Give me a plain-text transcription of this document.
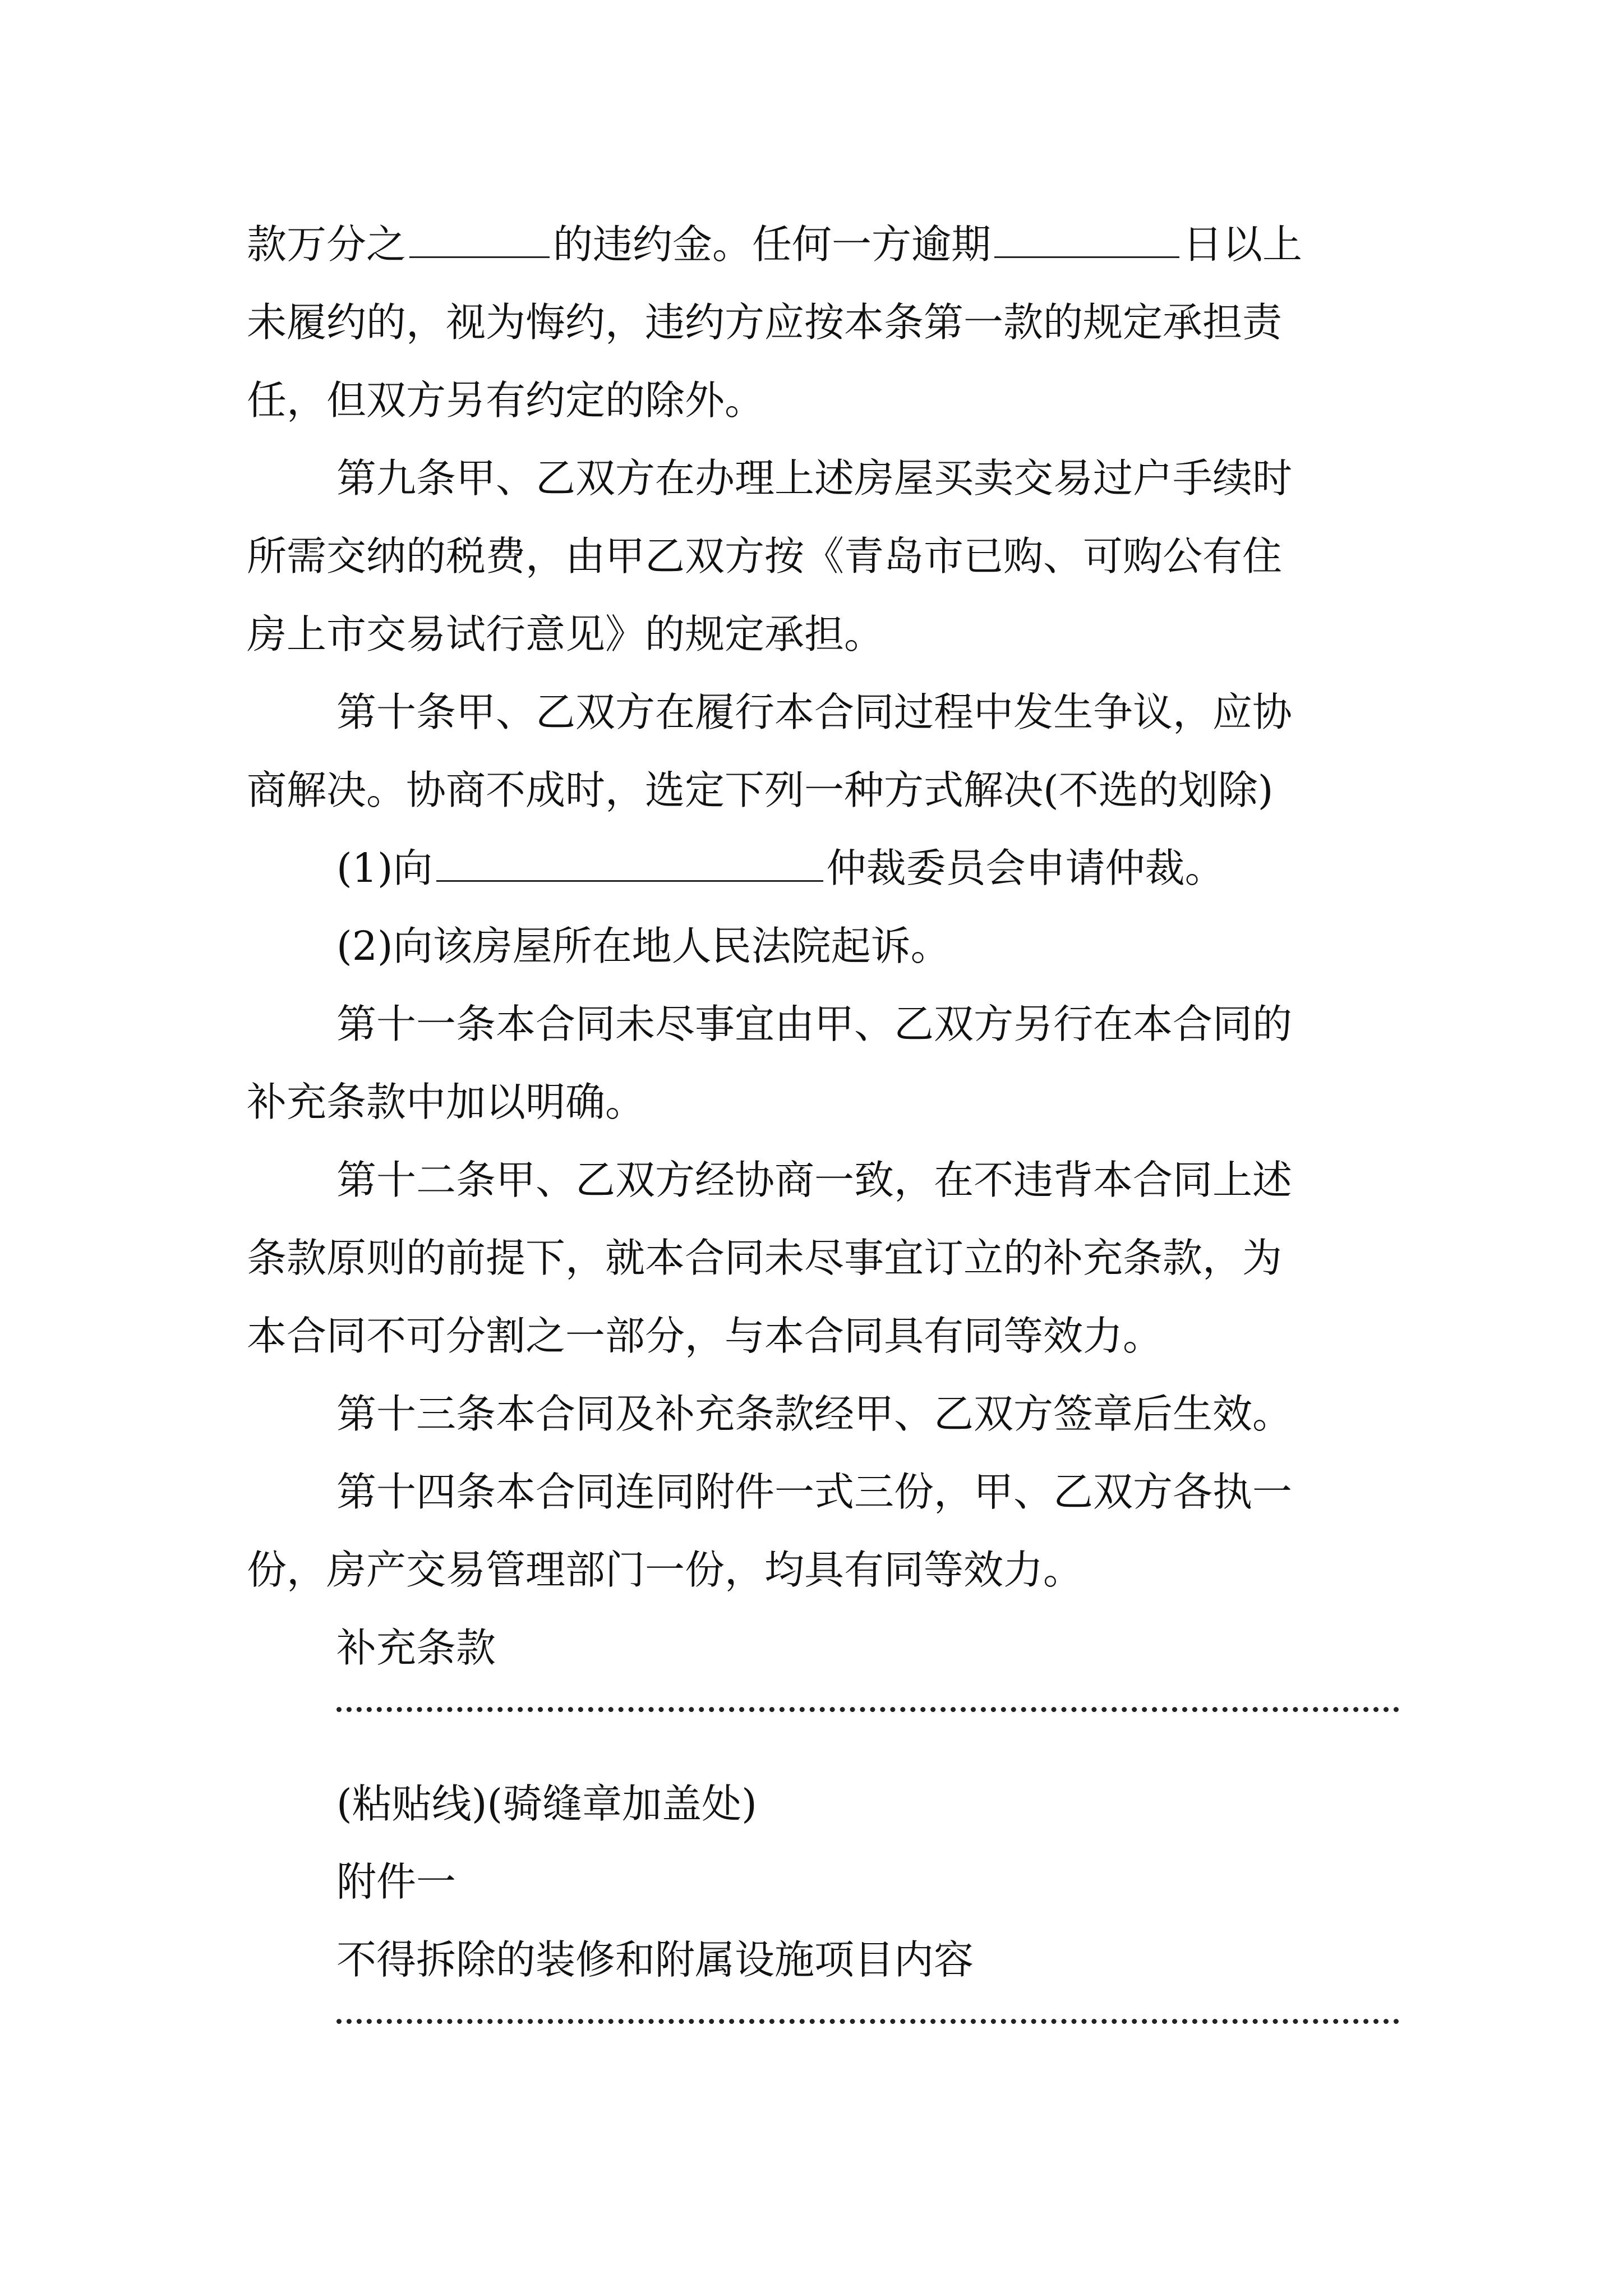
款万分之	的违约金。任何一方逾期	日以上
未履约的，视为悔约，违约方应按本条第一款的规定承担责
任，但双方另有约定的除外。
第九条甲、乙双方在办理上述房屋买卖交易过户手续时
所需交纳的税费，由甲乙双方按《青岛市已购、可购公有住
房上市交易试行意见》的规定承担。
第十条甲、乙双方在履行本合同过程中发生争议，应协
商解决。协商不成时，选定下列一种方式解决(不选的划除)
(1)向	仲裁委员会申请仲裁。
(2)向该房屋所在地人民法院起诉。
第十一条本合同未尽事宜由甲、乙双方另行在本合同的
补充条款中加以明确。
第十二条甲、乙双方经协商一致，在不违背本合同上述
条款原则的前提下，就本合同未尽事宜订立的补充条款，为
本合同不可分割之一部分，与本合同具有同等效力。
第十三条本合同及补充条款经甲、乙双方签章后生效。
第十四条本合同连同附件一式三份，甲、乙双方各执一
份，房产交易管理部门一份，均具有同等效力。
补充条款
(粘贴线)(骑缝章加盖处)
附件一
不得拆除的装修和附属设施项目内容
